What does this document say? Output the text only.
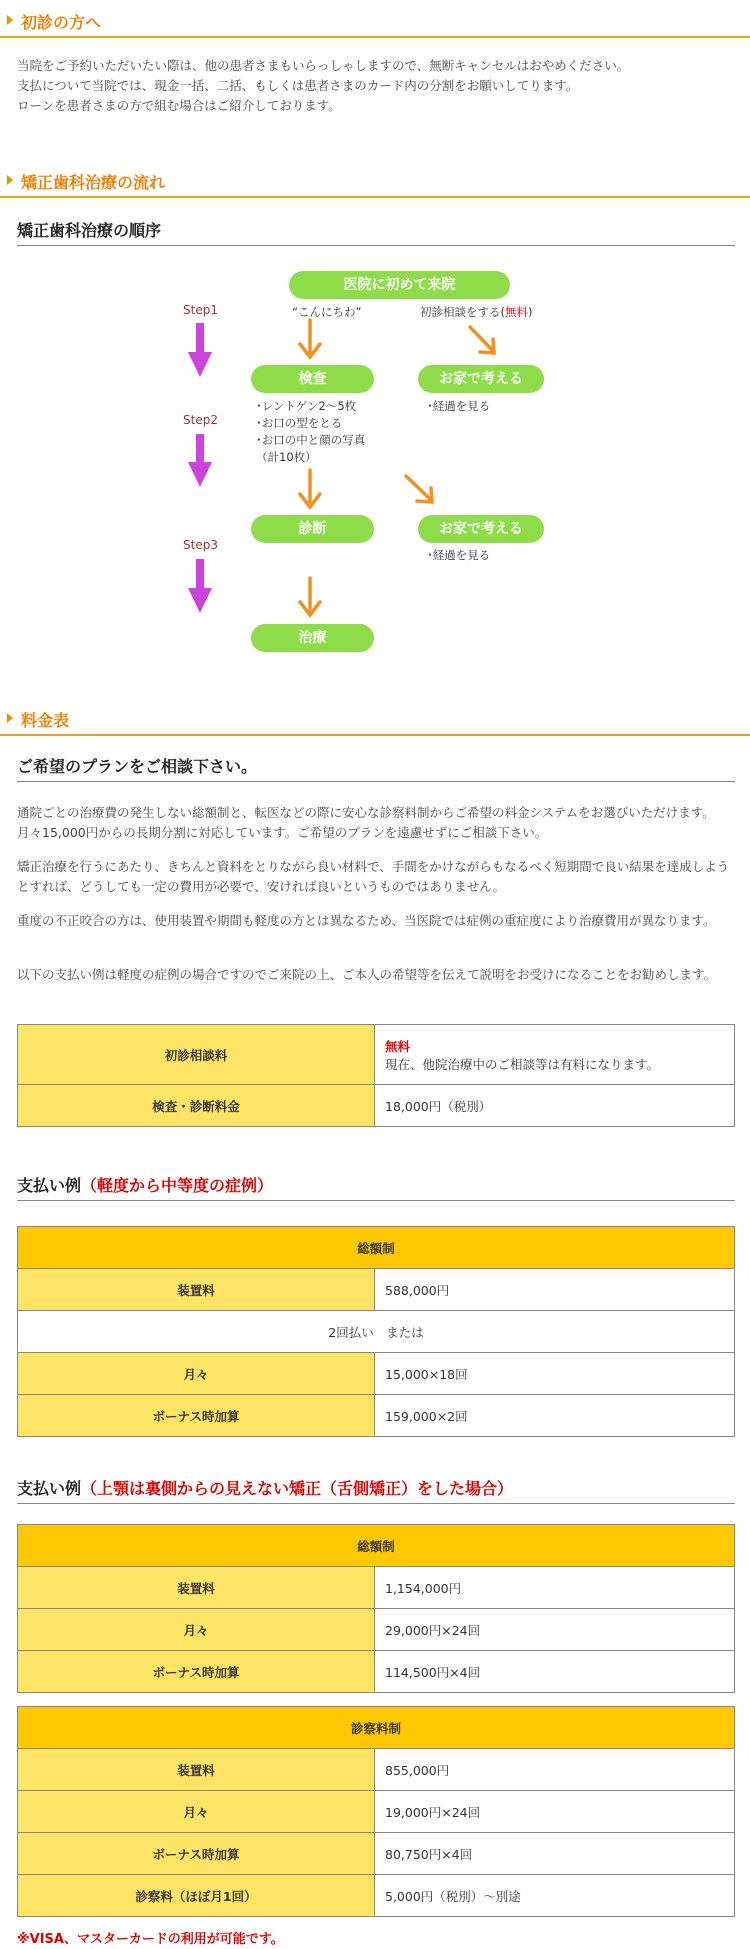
初診の方へ
当院をご予約いただいたい際は、他の患者さまもいらっしゃしますので、無断キャンセルはおやめください。
支払について当院では、現金一括、二括、もしくは患者さまのカード内の分割をお願いしてります。
ローンを患者さまの方で組む場合はご紹介しております。
矯正歯科治療の流れ
矯正歯科治療の順序
医院に初めて来院
“こんにちわ”	初診相談をする(無料)
Step1
Step2
Step3
検査	お家で考える
･経過を見る
･レントゲン2～5枚
･お口の型をとる
･お口の中と顔の写真
（計10枚）
診断	お家で考える
･経過を見る
治療
料金表
ご希望のプランをご相談下さい。
通院ごとの治療費の発生しない総額制と、転医などの際に安心な診察料制からご希望の料金システムをお選びいただけます。月々15,000円からの長期分割に対応しています。ご希望のプランを遠慮せずにご相談下さい。
矯正治療を行うにあたり、きちんと資料をとりながら良い材料で、手間をかけながらもなるべく短期間で良い結果を達成しようとすれば、どうしても一定の費用が必要で、安ければ良いというものではありません。
重度の不正咬合の方は、使用装置や期間も軽度の方とは異なるため、当医院では症例の重症度により治療費用が異なります。
以下の支払い例は軽度の症例の場合ですのでご来院の上、ご本人の希望等を伝えて説明をお受けになることをお勧めします。
初診相談料	無料
現在、他院治療中のご相談等は有料になります。

検査・診断料金	18,000円（税別）
支払い例（軽度から中等度の症例）
総額制	
装置料	588,000円
2回払い　または	
月々	15,000×18回
ボーナス時加算	159,000×2回
支払い例（上顎は裏側からの見えない矯正（舌側矯正）をした場合）
総額制	
装置料	1,154,000円
月々	29,000円×24回
ボーナス時加算	114,500円×4回
診察料制	
装置料	855,000円
月々	19,000円×24回
ボーナス時加算	80,750円×4回
診察料（ほぼ月1回）	5,000円（税別）～別途
※VISA、マスターカードの利用が可能です。
